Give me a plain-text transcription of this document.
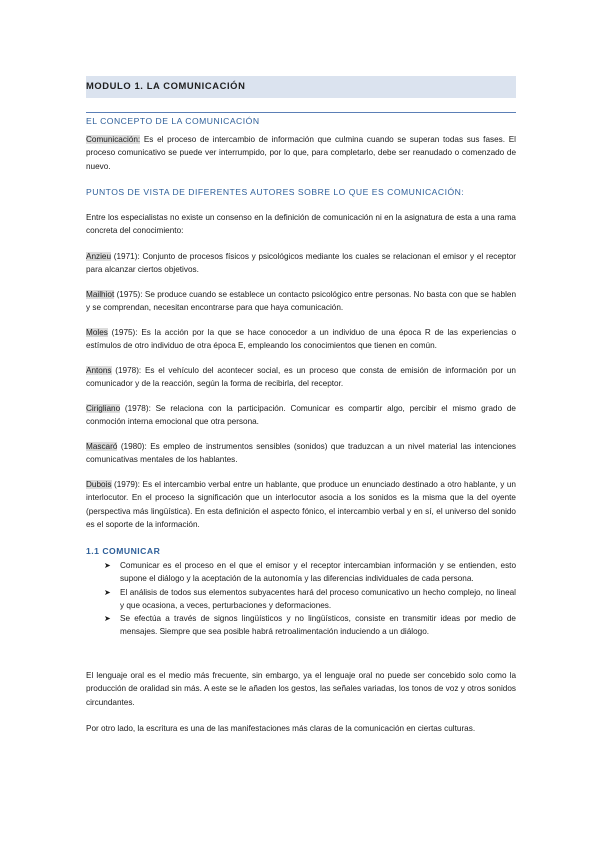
MODULO 1. LA COMUNICACIÓN
EL CONCEPTO DE LA COMUNICACIÓN
Comunicación: Es el proceso de intercambio de información que culmina cuando se superan todas sus fases. El proceso comunicativo se puede ver interrumpido, por lo que, para completarlo, debe ser reanudado o comenzado de nuevo.
PUNTOS DE VISTA DE DIFERENTES AUTORES SOBRE LO QUE ES COMUNICACIÓN:
Entre los especialistas no existe un consenso en la definición de comunicación ni en la asignatura de esta a una rama concreta del conocimiento:
Anzieu (1971): Conjunto de procesos físicos y psicológicos mediante los cuales se relacionan el emisor y el receptor para alcanzar ciertos objetivos.
Mailhiot (1975): Se produce cuando se establece un contacto psicológico entre personas. No basta con que se hablen y se comprendan, necesitan encontrarse para que haya comunicación.
Moles (1975): Es la acción por la que se hace conocedor a un individuo de una época R de las experiencias o estímulos de otro individuo de otra época E, empleando los conocimientos que tienen en común.
Antons (1978): Es el vehículo del acontecer social, es un proceso que consta de emisión de información por un comunicador y de la reacción, según la forma de recibirla, del receptor.
Cirigliano (1978): Se relaciona con la participación. Comunicar es compartir algo, percibir el mismo grado de conmoción interna emocional que otra persona.
Mascaró (1980): Es empleo de instrumentos sensibles (sonidos) que traduzcan a un nivel material las intenciones comunicativas mentales de los hablantes.
Dubois (1979): Es el intercambio verbal entre un hablante, que produce un enunciado destinado a otro hablante, y un interlocutor. En el proceso la significación que un interlocutor asocia a los sonidos es la misma que la del oyente (perspectiva más lingüística). En esta definición el aspecto fónico, el intercambio verbal y en sí, el universo del sonido es el soporte de la información.
1.1 COMUNICAR
➤ Comunicar es el proceso en el que el emisor y el receptor intercambian información y se entienden, esto supone el diálogo y la aceptación de la autonomía y las diferencias individuales de cada persona.
➤ El análisis de todos sus elementos subyacentes hará del proceso comunicativo un hecho complejo, no lineal y que ocasiona, a veces, perturbaciones y deformaciones.
➤ Se efectúa a través de signos lingüísticos y no lingüísticos, consiste en transmitir ideas por medio de mensajes. Siempre que sea posible habrá retroalimentación induciendo a un diálogo.
El lenguaje oral es el medio más frecuente, sin embargo, ya el lenguaje oral no puede ser concebido solo como la producción de oralidad sin más. A este se le añaden los gestos, las señales variadas, los tonos de voz y otros sonidos circundantes.
Por otro lado, la escritura es una de las manifestaciones más claras de la comunicación en ciertas culturas.
